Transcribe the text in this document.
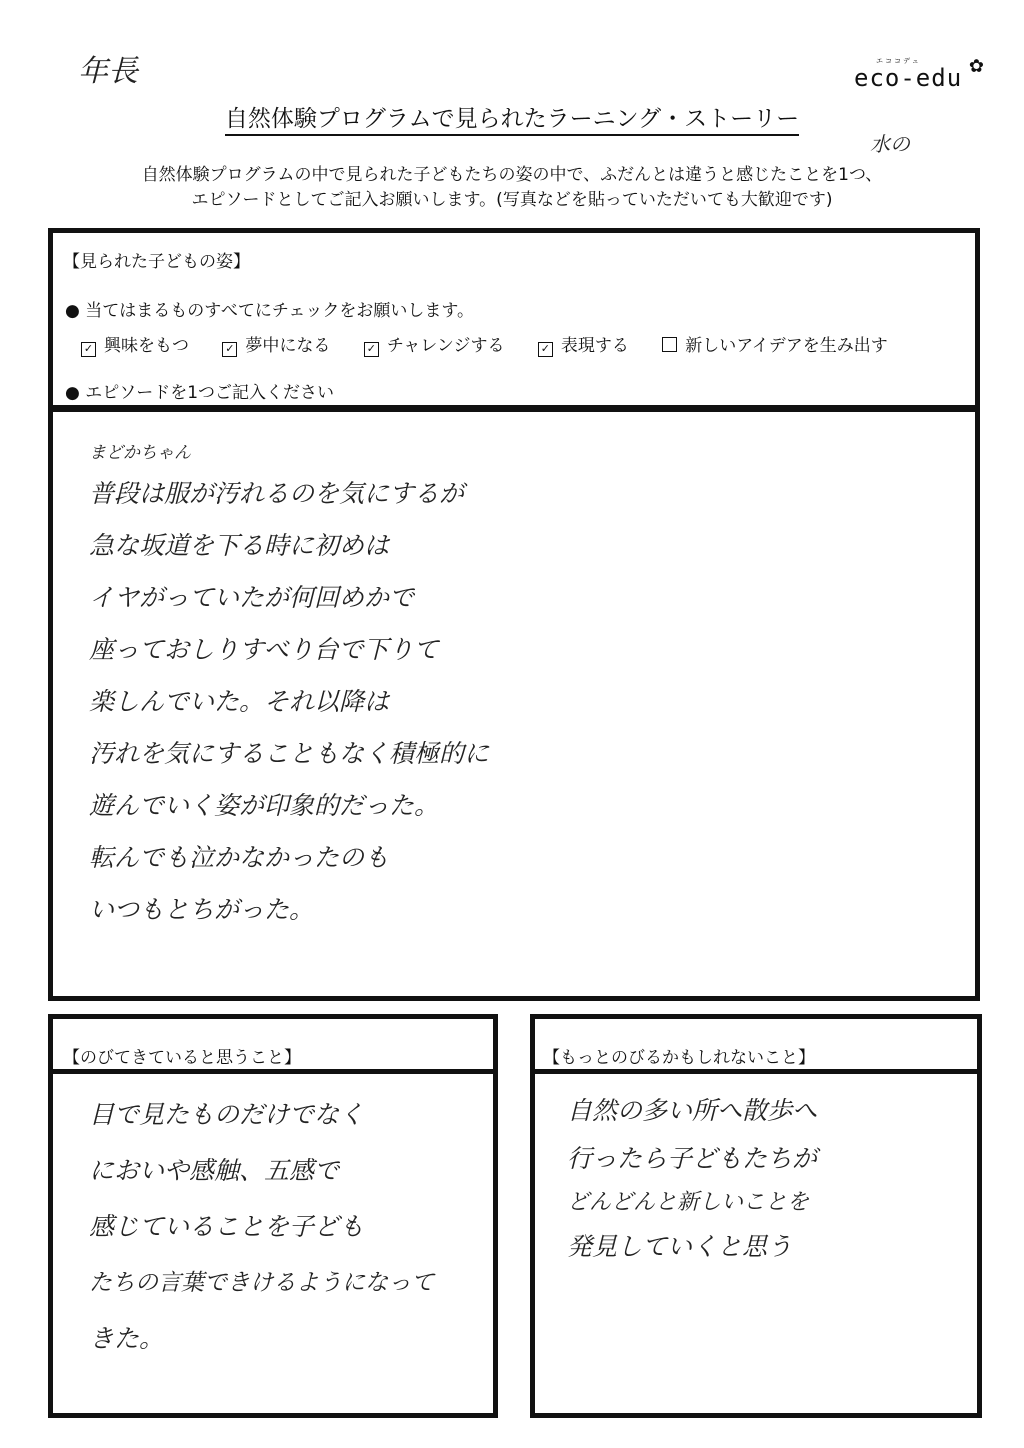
年長	エココデュ
eco-edu ✿
自然体験プログラムで見られたラーニング・ストーリー
水の
自然体験プログラムの中で見られた子どもたちの姿の中で、ふだんとは違うと感じたことを1つ、
エピソードとしてご記入お願いします。(写真などを貼っていただいても大歓迎です)
【見られた子どもの姿】
● 当てはまるものすべてにチェックをお願いします。
✓ 興味をもつ	✓ 夢中になる	✓ チャレンジする	✓ 表現する	新しいアイデアを生み出す
● エピソードを1つご記入ください
まどかちゃん
普段は服が汚れるのを気にするが
急な坂道を下る時に初めは
イヤがっていたが何回めかで
座っておしりすべり台で下りて
楽しんでいた。それ以降は
汚れを気にすることもなく積極的に
遊んでいく姿が印象的だった。
転んでも泣かなかったのも
いつもとちがった。
【のびてきていると思うこと】
目で見たものだけでなく
においや感触、五感で
感じていることを子ども
たちの言葉できけるようになって
きた。
【もっとのびるかもしれないこと】
自然の多い所へ散歩へ
行ったら子どもたちが
どんどんと新しいことを
発見していくと思う
